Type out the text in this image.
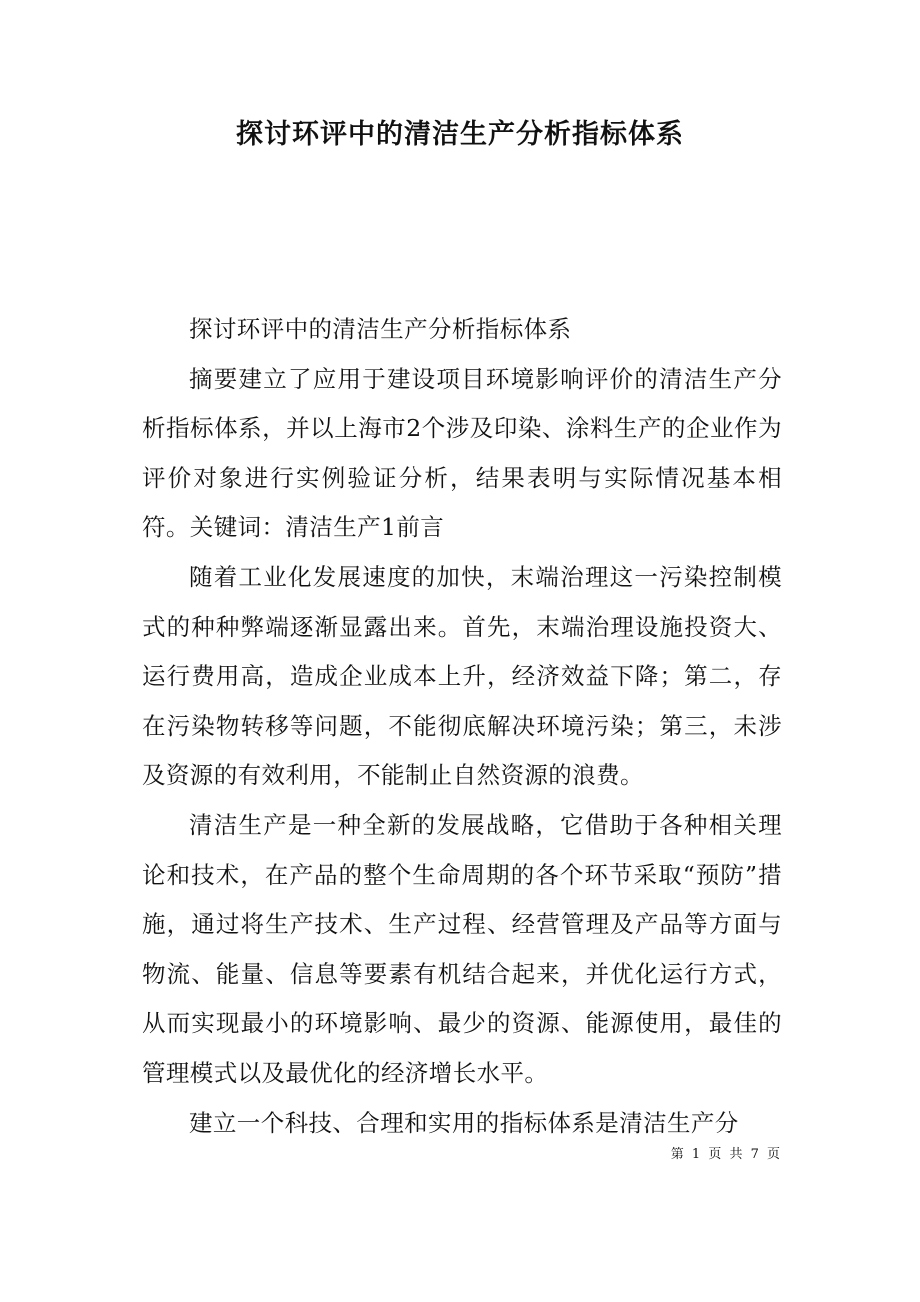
探讨环评中的清洁生产分析指标体系

探讨环评中的清洁生产分析指标体系

摘要建立了应用于建设项目环境影响评价的清洁生产分析指标体系，并以上海市2个涉及印染、涂料生产的企业作为评价对象进行实例验证分析，结果表明与实际情况基本相符。关键词：清洁生产1前言

随着工业化发展速度的加快，末端治理这一污染控制模式的种种弊端逐渐显露出来。首先，末端治理设施投资大、运行费用高，造成企业成本上升，经济效益下降；第二，存在污染物转移等问题，不能彻底解决环境污染；第三，未涉及资源的有效利用，不能制止自然资源的浪费。

清洁生产是一种全新的发展战略，它借助于各种相关理论和技术，在产品的整个生命周期的各个环节采取“预防”措施，通过将生产技术、生产过程、经营管理及产品等方面与物流、能量、信息等要素有机结合起来，并优化运行方式，从而实现最小的环境影响、最少的资源、能源使用，最佳的管理模式以及最优化的经济增长水平。

建立一个科技、合理和实用的指标体系是清洁生产分

第 1 页 共 7 页
